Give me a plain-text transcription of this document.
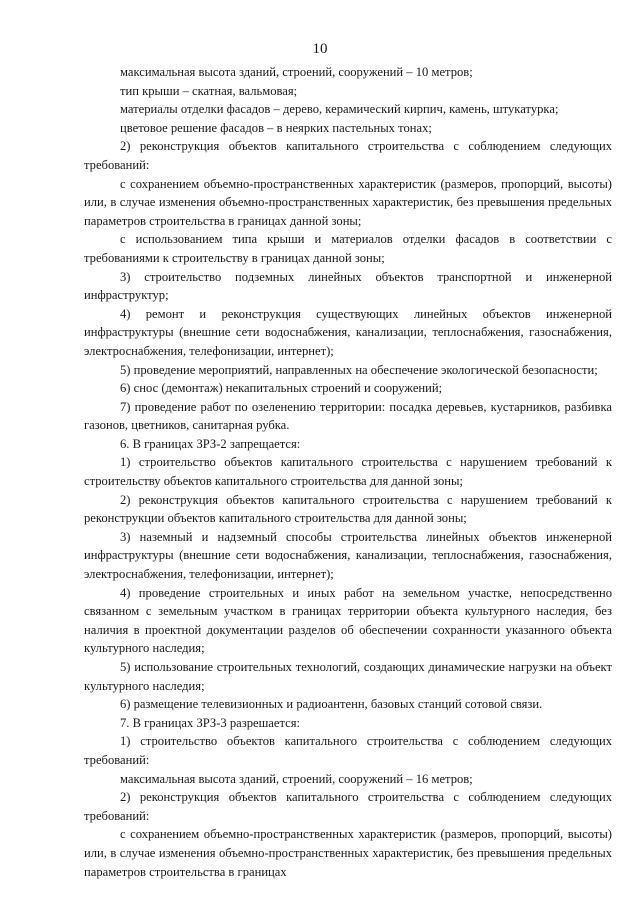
10

максимальная высота зданий, строений, сооружений – 10 метров;

тип крыши – скатная, вальмовая;

материалы отделки фасадов – дерево, керамический кирпич, камень, штукатурка;

цветовое решение фасадов – в неярких пастельных тонах;

2) реконструкция объектов капитального строительства с соблюдением следующих требований:

с сохранением объемно-пространственных характеристик (размеров, пропорций, высоты) или, в случае изменения объемно-пространственных характеристик, без превышения предельных параметров строительства в границах данной зоны;

с использованием типа крыши и материалов отделки фасадов в соответствии с требованиями к строительству в границах данной зоны;

3) строительство подземных линейных объектов транспортной и инженерной инфраструктур;

4) ремонт и реконструкция существующих линейных объектов инженерной инфраструктуры (внешние сети водоснабжения, канализации, теплоснабжения, газоснабжения, электроснабжения, телефонизации, интернет);

5) проведение мероприятий, направленных на обеспечение экологической безопасности;

6) снос (демонтаж) некапитальных строений и сооружений;

7) проведение работ по озеленению территории: посадка деревьев, кустарников, разбивка газонов, цветников, санитарная рубка.

6. В границах ЗРЗ-2 запрещается:

1) строительство объектов капитального строительства с нарушением требований к строительству объектов капитального строительства для данной зоны;

2) реконструкция объектов капитального строительства с нарушением требований к реконструкции объектов капитального строительства для данной зоны;

3) наземный и надземный способы строительства линейных объектов инженерной инфраструктуры (внешние сети водоснабжения, канализации, теплоснабжения, газоснабжения, электроснабжения, телефонизации, интернет);

4) проведение строительных и иных работ на земельном участке, непосредственно связанном с земельным участком в границах территории объекта культурного наследия, без наличия в проектной документации разделов об обеспечении сохранности указанного объекта культурного наследия;

5) использование строительных технологий, создающих динамические нагрузки на объект культурного наследия;

6) размещение телевизионных и радиоантенн, базовых станций сотовой связи.

7. В границах ЗРЗ-3 разрешается:

1) строительство объектов капитального строительства с соблюдением следующих требований:

максимальная высота зданий, строений, сооружений – 16 метров;

2) реконструкция объектов капитального строительства с соблюдением следующих требований:

с сохранением объемно-пространственных характеристик (размеров, пропорций, высоты) или, в случае изменения объемно-пространственных характеристик, без превышения предельных параметров строительства в границах
